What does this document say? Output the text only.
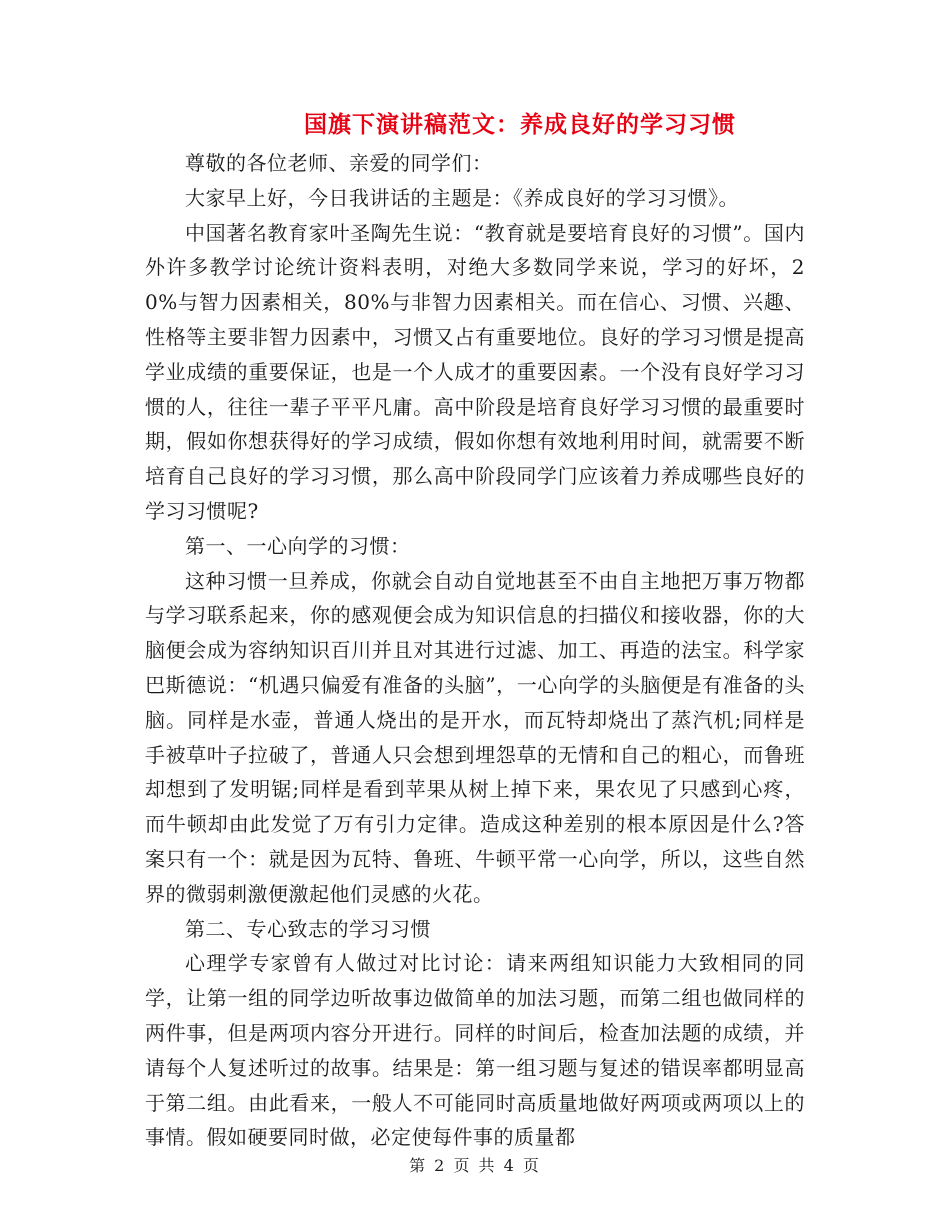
国旗下演讲稿范文：养成良好的学习习惯

尊敬的各位老师、亲爱的同学们：

大家早上好，今日我讲话的主题是：《养成良好的学习习惯》。

中国著名教育家叶圣陶先生说：“教育就是要培育良好的习惯”。国内外许多教学讨论统计资料表明，对绝大多数同学来说，学习的好坏，20%与智力因素相关，80%与非智力因素相关。而在信心、习惯、兴趣、性格等主要非智力因素中，习惯又占有重要地位。良好的学习习惯是提高学业成绩的重要保证，也是一个人成才的重要因素。一个没有良好学习习惯的人，往往一辈子平平凡庸。高中阶段是培育良好学习习惯的最重要时期，假如你想获得好的学习成绩，假如你想有效地利用时间，就需要不断培育自己良好的学习习惯，那么高中阶段同学门应该着力养成哪些良好的学习习惯呢?

第一、一心向学的习惯：

这种习惯一旦养成，你就会自动自觉地甚至不由自主地把万事万物都与学习联系起来，你的感观便会成为知识信息的扫描仪和接收器，你的大脑便会成为容纳知识百川并且对其进行过滤、加工、再造的法宝。科学家巴斯德说：“机遇只偏爱有准备的头脑”，一心向学的头脑便是有准备的头脑。同样是水壶，普通人烧出的是开水，而瓦特却烧出了蒸汽机;同样是手被草叶子拉破了，普通人只会想到埋怨草的无情和自己的粗心，而鲁班却想到了发明锯;同样是看到苹果从树上掉下来，果农见了只感到心疼，而牛顿却由此发觉了万有引力定律。造成这种差别的根本原因是什么?答案只有一个：就是因为瓦特、鲁班、牛顿平常一心向学，所以，这些自然界的微弱刺激便激起他们灵感的火花。

第二、专心致志的学习习惯

心理学专家曾有人做过对比讨论：请来两组知识能力大致相同的同学，让第一组的同学边听故事边做简单的加法习题，而第二组也做同样的两件事，但是两项内容分开进行。同样的时间后，检查加法题的成绩，并请每个人复述听过的故事。结果是：第一组习题与复述的错误率都明显高于第二组。由此看来，一般人不可能同时高质量地做好两项或两项以上的事情。假如硬要同时做，必定使每件事的质量都

第 2 页 共 4 页
